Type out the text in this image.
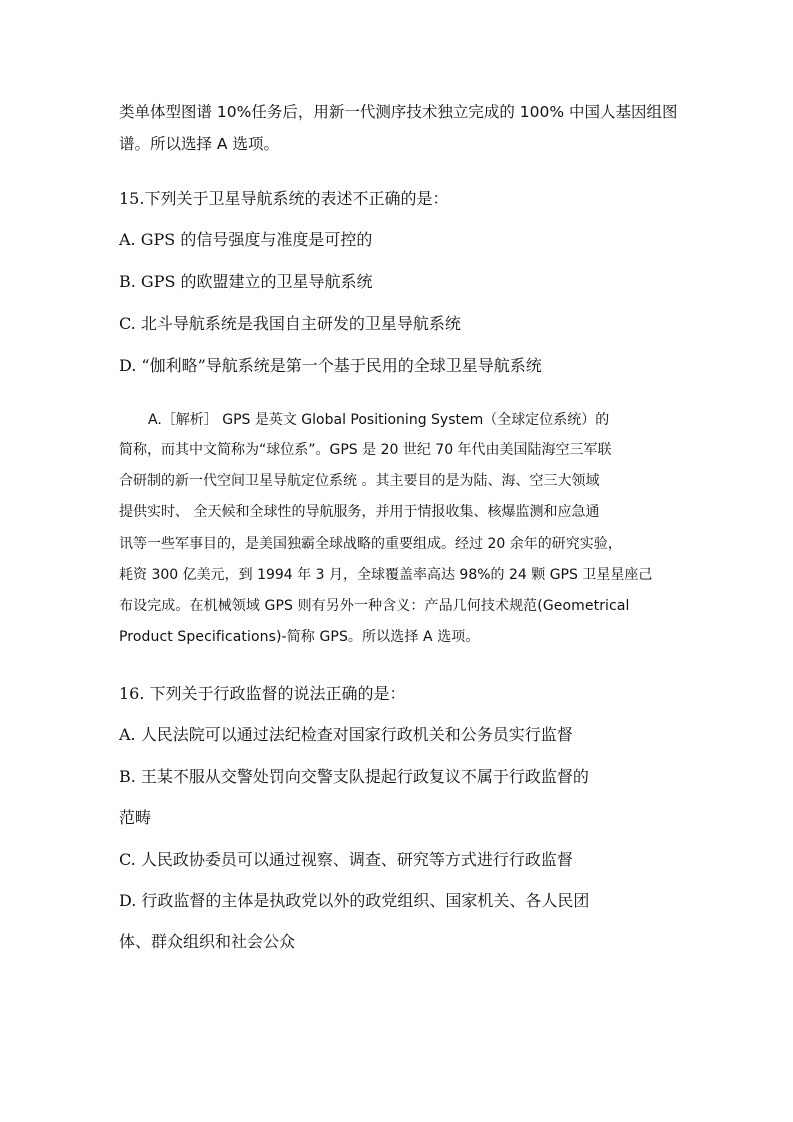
类单体型图谱 10%任务后，用新一代测序技术独立完成的 100% 中国人基因组图
谱。所以选择 A 选项。
15.下列关于卫星导航系统的表述不正确的是：
A. GPS 的信号强度与准度是可控的
B. GPS 的欧盟建立的卫星导航系统
C. 北斗导航系统是我国自主研发的卫星导航系统
D. “伽利略”导航系统是第一个基于民用的全球卫星导航系统
A.［解析］ GPS 是英文 Global Positioning System（全球定位系统）的
简称，而其中文简称为“球位系”。GPS 是 20 世纪 70 年代由美国陆海空三军联
合研制的新一代空间卫星导航定位系统 。其主要目的是为陆、海、空三大领域
提供实时、 全天候和全球性的导航服务，并用于情报收集、核爆监测和应急通
讯等一些军事目的，是美国独霸全球战略的重要组成。经过 20 余年的研究实验，
耗资 300 亿美元，到 1994 年 3 月，全球覆盖率高达 98%的 24 颗 GPS 卫星星座己
布设完成。在机械领域 GPS 则有另外一种含义：产品几何技术规范(Geometrical
Product Specifications)-简称 GPS。所以选择 A 选项。
16. 下列关于行政监督的说法正确的是：
A. 人民法院可以通过法纪检查对国家行政机关和公务员实行监督
B. 王某不服从交警处罚向交警支队提起行政复议不属于行政监督的
范畴
C. 人民政协委员可以通过视察、调查、研究等方式进行行政监督
D. 行政监督的主体是执政党以外的政党组织、国家机关、各人民团
体、群众组织和社会公众
